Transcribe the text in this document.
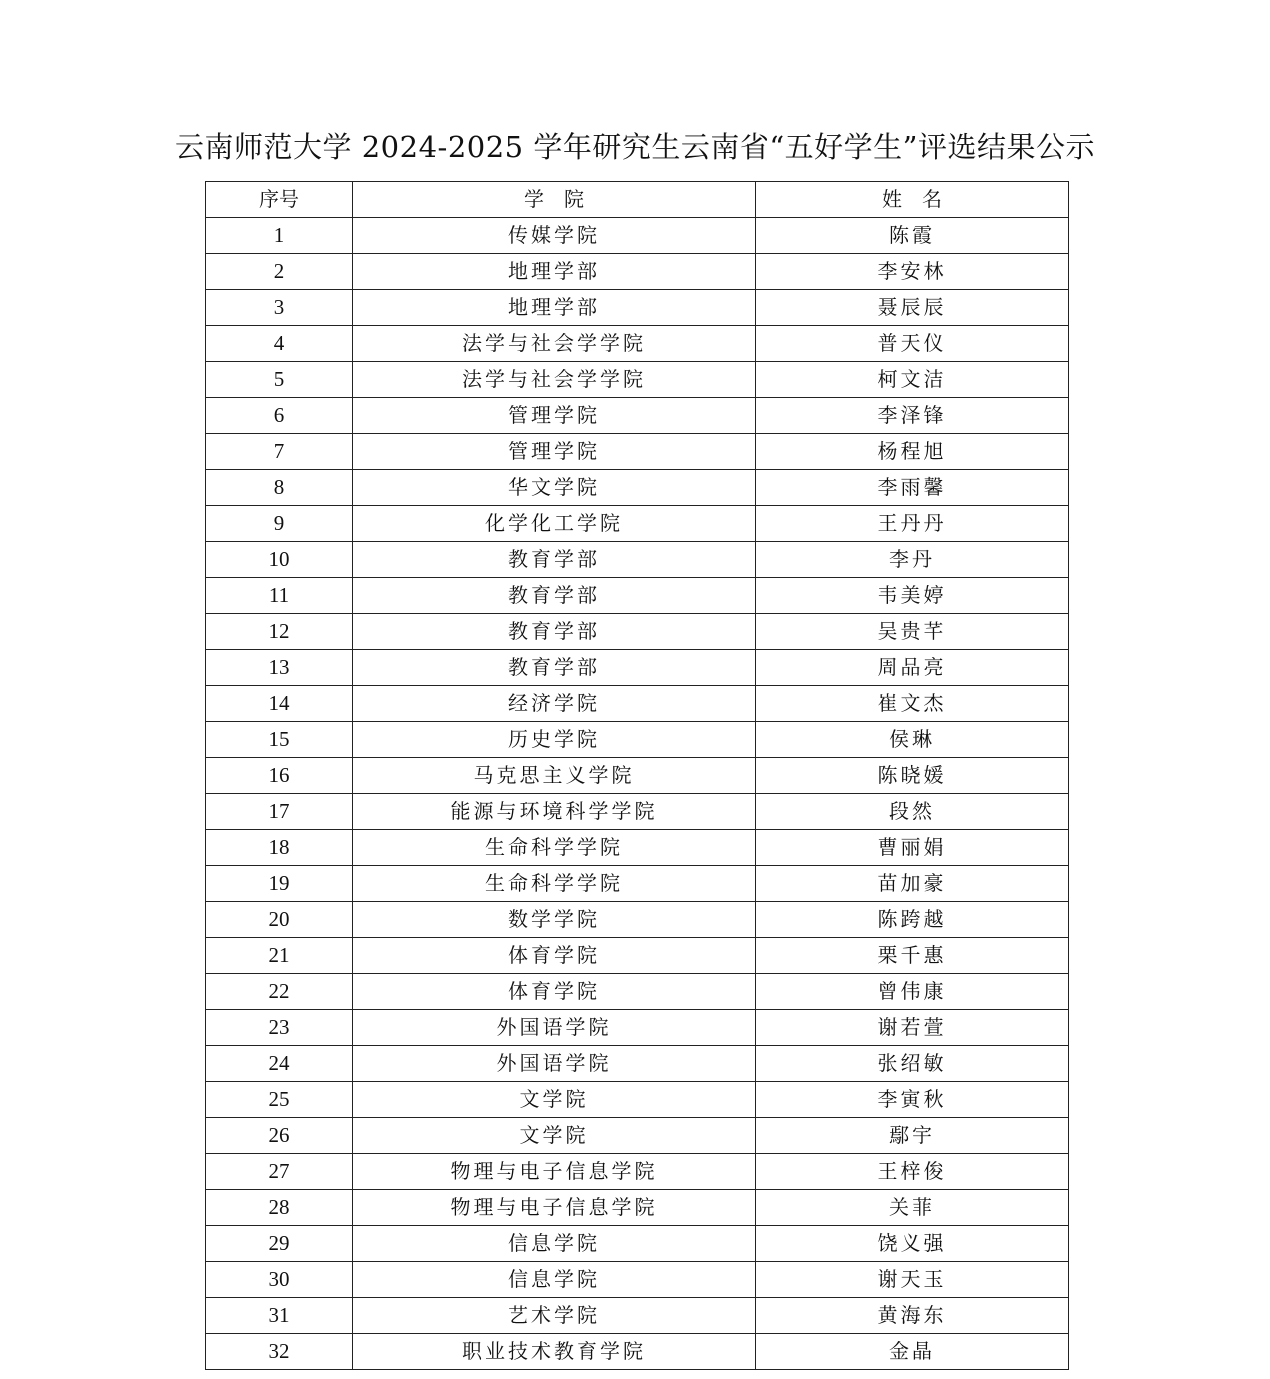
云南师范大学 2024-2025 学年研究生云南省“五好学生”评选结果公示
序号	学　院	姓　名
1	传媒学院	陈霞
2	地理学部	李安林
3	地理学部	聂辰辰
4	法学与社会学学院	普天仪
5	法学与社会学学院	柯文洁
6	管理学院	李泽锋
7	管理学院	杨程旭
8	华文学院	李雨馨
9	化学化工学院	王丹丹
10	教育学部	李丹
11	教育学部	韦美婷
12	教育学部	吴贵芊
13	教育学部	周品亮
14	经济学院	崔文杰
15	历史学院	侯琳
16	马克思主义学院	陈晓媛
17	能源与环境科学学院	段然
18	生命科学学院	曹丽娟
19	生命科学学院	苗加豪
20	数学学院	陈跨越
21	体育学院	栗千惠
22	体育学院	曾伟康
23	外国语学院	谢若萱
24	外国语学院	张绍敏
25	文学院	李寅秋
26	文学院	鄢宇
27	物理与电子信息学院	王梓俊
28	物理与电子信息学院	关菲
29	信息学院	饶义强
30	信息学院	谢天玉
31	艺术学院	黄海东
32	职业技术教育学院	金晶
